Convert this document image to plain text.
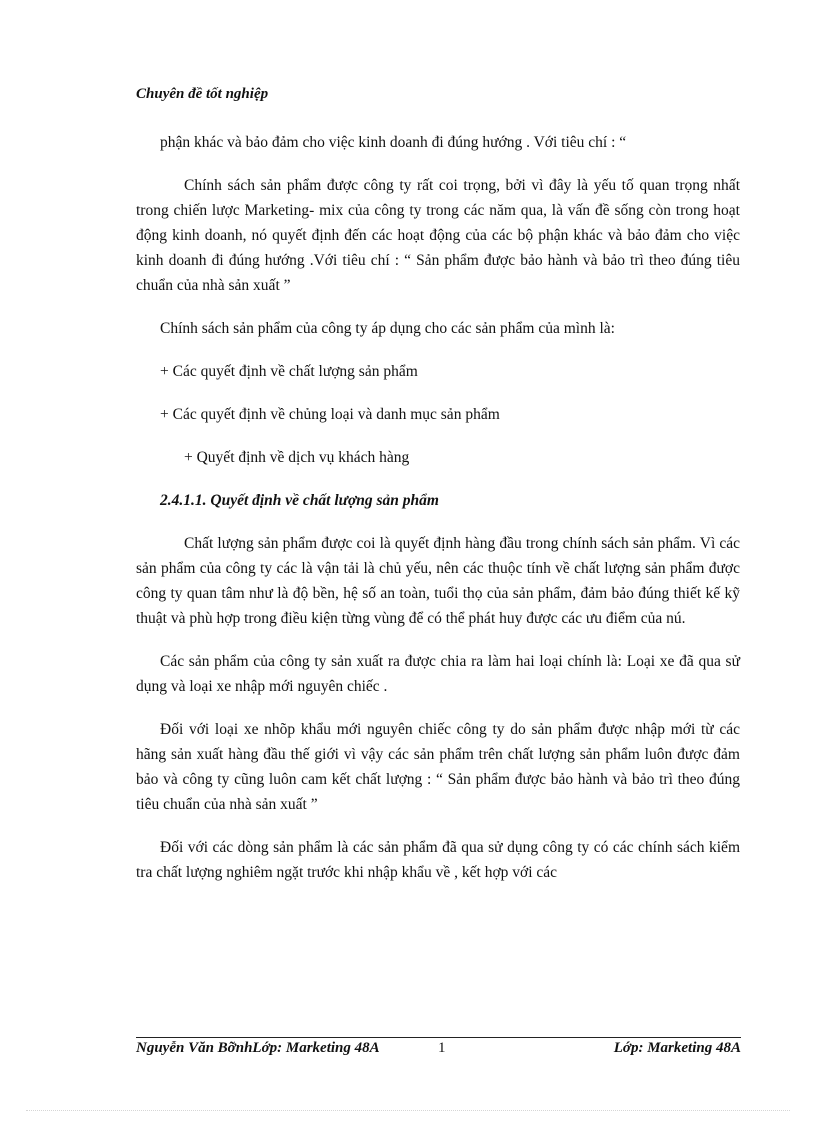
Chuyên đề tốt nghiệp

phận khác và bảo đảm cho việc kinh doanh đi đúng hướng . Với tiêu chí : “

Chính sách sản phẩm được công ty rất coi trọng, bởi vì đây là yếu tố quan trọng nhất trong chiến lược Marketing- mix của công ty trong các năm qua, là vấn đề sống còn trong hoạt động kinh doanh, nó quyết định đến các hoạt động của các bộ phận khác và bảo đảm cho việc kinh doanh đi đúng hướng .Với tiêu chí : “ Sản phẩm được bảo hành và bảo trì theo đúng tiêu chuẩn của nhà sản xuất ”

Chính sách sản phẩm của công ty áp dụng cho các sản phẩm của mình là:

+ Các quyết định về chất lượng sản phẩm

+ Các quyết định về chủng loại và danh mục sản phẩm

+ Quyết định về dịch vụ khách hàng

2.4.1.1. Quyết định về chất lượng sản phẩm

Chất lượng sản phẩm được coi là quyết định hàng đầu trong chính sách sản phẩm. Vì các sản phẩm của công ty các là vận tải là chủ yếu, nên các thuộc tính về chất lượng sản phẩm được công ty quan tâm như là độ bền, hệ số an toàn, tuổi thọ của sản phẩm, đảm bảo đúng thiết kế kỹ thuật và phù hợp trong điều kiện từng vùng để có thể phát huy được các ưu điểm của nú.

Các sản phẩm của công ty sản xuất ra được chia ra làm hai loại chính là: Loại xe đã qua sử dụng và loại xe nhập mới nguyên chiếc .

Đối với loại xe nhõp khẩu mới nguyên chiếc công ty do sản phẩm được nhập mới từ các hãng sản xuất hàng đầu thế giới vì vậy các sản phẩm trên chất lượng sản phẩm luôn được đảm bảo và công ty cũng luôn cam kết chất lượng : “ Sản phẩm được bảo hành và bảo trì theo đúng tiêu chuẩn của nhà sản xuất ”

Đối với các dòng sản phẩm là các sản phẩm đã qua sử dụng công ty có các chính sách kiểm tra chất lượng nghiêm ngặt trước khi nhập khẩu về , kết hợp với các

Nguyễn Văn BỡnhLớp: Marketing 48A	1	Lớp: Marketing 48A
